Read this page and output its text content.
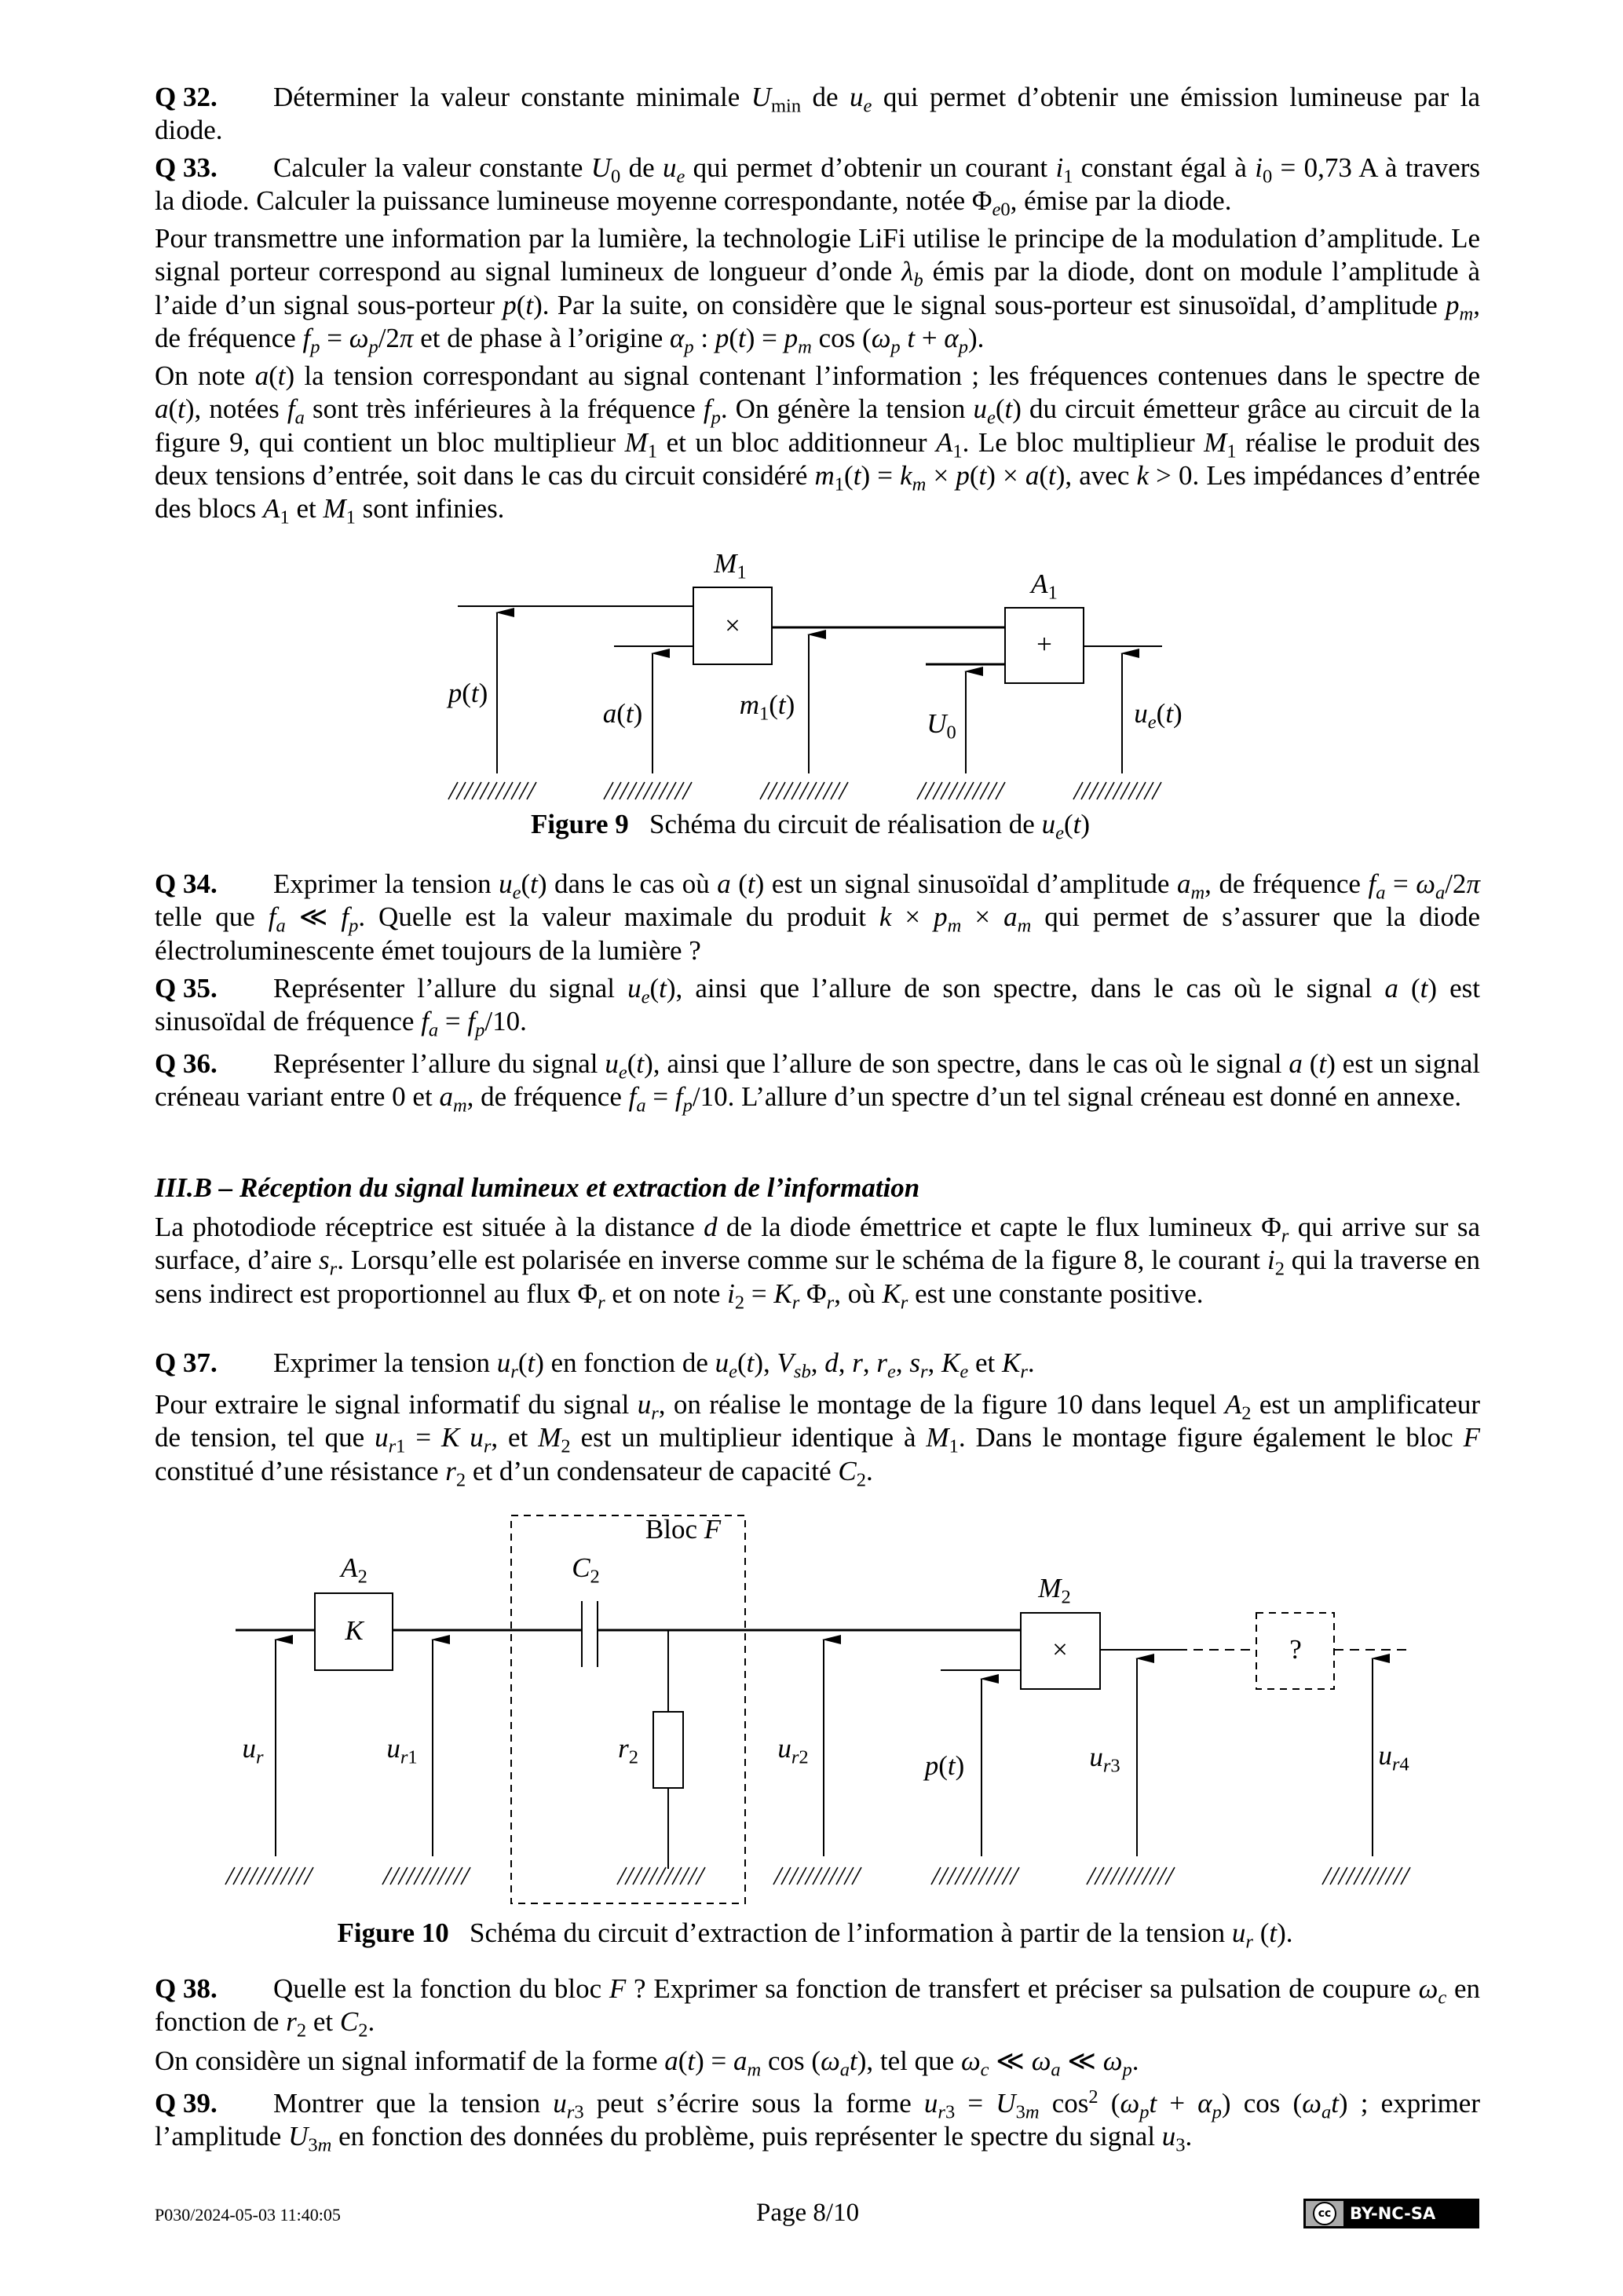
Q 32. Déterminer la valeur constante minimale $U_{min}$ de $u_e$ qui permet d’obtenir une émission lumineuse par la diode.
Q 33. Calculer la valeur constante $U_0$ de $u_e$ qui permet d’obtenir un courant $i_1$ constant égal à $i_0 = 0,73$ A à travers la diode. Calculer la puissance lumineuse moyenne correspondante, notée $\Phi_{e0}$, émise par la diode.
Pour transmettre une information par la lumière, la technologie LiFi utilise le principe de la modulation d’amplitude. Le signal porteur correspond au signal lumineux de longueur d’onde $\lambda_b$ émis par la diode, dont on module l’amplitude à l’aide d’un signal sous-porteur p(t). Par la suite, on considère que le signal sous-porteur est sinusoïdal, d’amplitude $p_m$, de fréquence $f_p = \omega_p/2\pi$ et de phase à l’origine $\alpha_p$ : $p(t) = p_m$ $\cos (\omega_p$ $t + \alpha_p$).
On note a(t) la tension correspondant au signal contenant l’information ; les fréquences contenues dans le spectre de a(t), notées $f_a$ sont très inférieures à la fréquence $f_p$. On génère la tension $u_e(t)$ du circuit émetteur grâce au circuit de la figure 9, qui contient un bloc multiplieur $M_1$ et un bloc additionneur $A_1$. Le bloc multiplieur $M_1$ réalise le produit des deux tensions d’entrée, soit dans le cas du circuit considéré $m_1(t) = k_m \times p(t) \times a(t)$, avec k > 0. Les impédances d’entrée des blocs $A_1$ et $M_1$ sont infinies.
Q 34. Exprimer la tension $u_e(t)$ dans le cas où a (t) est un signal sinusoïdal d’amplitude $a_m$, de fréquence $f_a = \omega_a/2\pi$ telle que $f_a$ ≪ $f_p$. Quelle est la valeur maximale du produit $k \times p_m \times a_m$ qui permet de s’assurer que la diode électroluminescente émet toujours de la lumière ?
Q 35. Représenter l’allure du signal $u_e(t)$, ainsi que l’allure de son spectre, dans le cas où le signal a (t) est sinusoïdal de fréquence $f_a = f_p/10$.
Q 36. Représenter l’allure du signal $u_e(t)$, ainsi que l’allure de son spectre, dans le cas où le signal a (t) est un signal créneau variant entre 0 et $a_m$, de fréquence $f_a = f_p/10$. L’allure d’un spectre d’un tel signal créneau est donné en annexe.
III.B – Réception du signal lumineux et extraction de l’information
La photodiode réceptrice est située à la distance d de la diode émettrice et capte le flux lumineux $\Phi_r$ qui arrive sur sa surface, d’aire $s_r$. Lorsqu’elle est polarisée en inverse comme sur le schéma de la figure 8, le courant $i_2$ qui la traverse en sens indirect est proportionnel au flux $\Phi_r$ et on note $i_2 = K_r$ $\Phi_r$, où $K_r$ est une constante positive.
Q 37. Exprimer la tension $u_r(t)$ en fonction de $u_e(t)$, $V_{sb}$, d, r, $r_e$, $s_r$, $K_e$ et $K_r$.
Pour extraire le signal informatif du signal $u_r$, on réalise le montage de la figure 10 dans lequel $A_2$ est un amplificateur de tension, tel que $u_{r1} = K$ $u_r$, et $M_2$ est un multiplieur identique à $M_1$. Dans le montage figure également le bloc F constitué d’une résistance $r_2$ et d’un condensateur de capacité $C_2$.
Q 38. Quelle est la fonction du bloc F ? Exprimer sa fonction de transfert et préciser sa pulsation de coupure $\omega_c$ en fonction de $r_2$ et $C_2$.
On considère un signal informatif de la forme $a(t) = a_m$ $\cos (\omega_at)$, tel que $\omega_c$ ≪ $\omega_a$ ≪ $\omega_p$.
Q 39. Montrer que la tension $u_{r3}$ peut s’écrire sous la forme $u_{r3} = U_{3m}$ $\cos^2 (\omega_pt + \alpha_p)$ $\cos (\omega_at)$ ; exprimer l’amplitude $U_{3m}$ en fonction des données du problème, puis représenter le spectre du signal $u_3$.
$M_1$
×
$A_1$
+
p(t)
a(t)	$m_1(t)$
$U_0$
$u_e(t)$
Figure 9 Schéma du circuit de réalisation de $u_e(t)$
Bloc F
$A_2$
K
$C_2$
$r_2$
$M_2$
×	?
$u_r$	$u_{r1}$	$u_{r2}$	p(t)	$u_{r3}$	$u_{r4}$
Figure 10 Schéma du circuit d’extraction de l’information à partir de la tension $u_r$ (t).
P030/2024-05-03 11:40:05	Page 8/10	cc	BY-NC-SA
